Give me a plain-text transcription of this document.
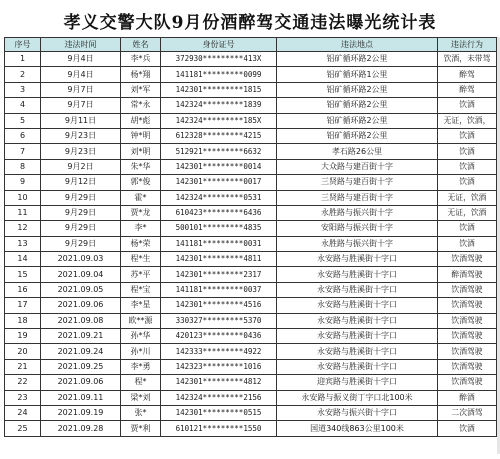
孝义交警大队9月份酒醉驾交通违法曝光统计表
序号	违法时间	姓名	身份证号	违法地点	违法行为
1	9月4日	李*兵	372930*********413X	铝矿循环路2公里	饮酒，未带驾
2	9月4日	杨*翔	141181*********0099	铝矿循环路1公里	醉驾
3	9月7日	刘*军	142301*********1815	铝矿循环路2公里	醉驾
4	9月7日	常*永	142324*********1839	铝矿循环路2公里	饮酒
5	9月11日	胡*彪	142324*********185X	铝矿循环路2公里	无证，饮酒，
6	9月23日	钟*明	612328*********4215	铝矿循环路2公里	饮酒
7	9月23日	刘*明	512921*********6632	孝石路26公里	饮酒
8	9月2日	朱*华	142301*********0014	大众路与建百街十字	饮酒
9	9月12日	郭*俊	142301*********0017	三贤路与建百街十字	饮酒
10	9月29日	霍*	142324*********0531	三贤路与建百街十字	无证，饮酒
11	9月29日	贾*龙	610423*********6436	永胜路与振兴街十字	无证，饮酒
12	9月29日	李*	500101*********4835	安阳路与振兴街十字	饮酒
13	9月29日	杨*荣	141181*********0031	永胜路与振兴街十字	饮酒
14	2021.09.03	程*生	142301*********4811	永安路与胜溪街十字口	饮酒驾驶
15	2021.09.04	苏*平	142301*********2317	永安路与胜溪街十字口	醉酒驾驶
16	2021.09.05	程*宝	141181*********0037	永安路与胜溪街十字口	饮酒驾驶
17	2021.09.06	李*星	142301*********4516	永安路与胜溪街十字口	饮酒驾驶
18	2021.09.08	欧**源	330327*********5370	永安路与胜溪街十字口	饮酒驾驶
19	2021.09.21	孙*华	420123*********0436	永安路与胜溪街十字口	饮酒驾驶
20	2021.09.24	孙*川	142333*********4922	永安路与胜溪街十字口	饮酒驾驶
21	2021.09.25	李*勇	142323*********1016	永安路与胜溪街十字口	饮酒驾驶
22	2021.09.06	程*	142301*********4812	迎宾路与胜溪街十字口	饮酒驾驶
23	2021.09.11	梁*刘	142324*********2156	永安路与振义街丁字口北100米	醉酒
24	2021.09.19	张*	142301*********0515	永安路与振兴街十字口	二次酒驾
25	2021.09.28	贾*利	610121*********1550	国道340线863公里100米	饮酒
